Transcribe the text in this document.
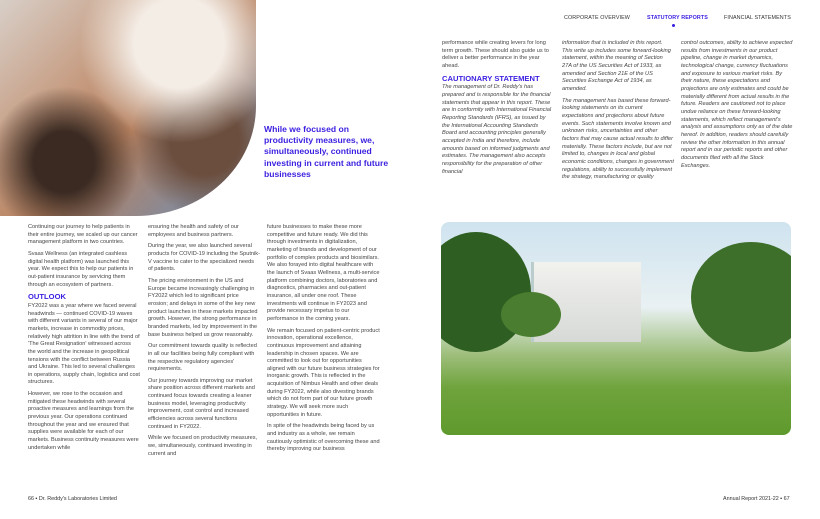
CORPORATE OVERVIEW	STATUTORY REPORTS	FINANCIAL STATEMENTS
While we focused on productivity measures, we, simultaneously, continued investing in current and future businesses

performance while creating levers for long term growth. These should also guide us to deliver a better performance in the year ahead.

CAUTIONARY STATEMENT

The management of Dr. Reddy's has prepared and is responsible for the financial statements that appear in this report. These are in conformity with International Financial Reporting Standards (IFRS), as issued by the International Accounting Standards Board and accounting principles generally accepted in India and therefore, include amounts based on informed judgments and estimates. The management also accepts responsibility for the preparation of other financial

information that is included in this report. This write up includes some forward-looking statement, within the meaning of Section 27A of the US Securities Act of 1933, as amended and Section 21E of the US Securities Exchange Act of 1934, as amended.

The management has based these forward-looking statements on its current expectations and projections about future events. Such statements involve known and unknown risks, uncertainties and other factors that may cause actual results to differ materially. These factors include, but are not limited to, changes in local and global economic conditions, changes in government regulations, ability to successfully implement the strategy, manufacturing or quality

control outcomes, ability to achieve expected results from investments in our product pipeline, change in market dynamics, technological change, currency fluctuations and exposure to various market risks. By their nature, these expectations and projections are only estimates and could be materially different from actual results in the future. Readers are cautioned not to place undue reliance on these forward-looking statements, which reflect management's analysis and assumptions only as of the date hereof. In addition, readers should carefully review the other information in this annual report and in our periodic reports and other documents filed with all the Stock Exchanges.

Continuing our journey to help patients in their entire journey, we scaled up our cancer management platform in two countries.

Svaas Wellness (an integrated cashless digital health platform) was launched this year. We expect this to help our patients in out-patient insurance by servicing them through an ecosystem of partners.

OUTLOOK

FY2022 was a year where we faced several headwinds — continued COVID-19 waves with different variants in several of our major markets, increase in commodity prices, relatively high attrition in line with the trend of 'The Great Resignation' witnessed across the world and the increase in geopolitical tensions with the conflict between Russia and Ukraine. This led to several challenges in operations, supply chain, logistics and cost structures.

However, we rose to the occasion and mitigated these headwinds with several proactive measures and learnings from the previous year. Our operations continued throughout the year and we ensured that supplies were available for each of our markets. Business continuity measures were undertaken while

ensuring the health and safety of our employees and business partners.

During the year, we also launched several products for COVID-19 including the Sputnik-V vaccine to cater to the specialized needs of patients.

The pricing environment in the US and Europe became increasingly challenging in FY2022 which led to significant price erosion; and delays in some of the key new product launches in these markets impacted growth. However, the strong performance in branded markets, led by improvement in the base business helped us grow reasonably.

Our commitment towards quality is reflected in all our facilities being fully compliant with the respective regulatory agencies' requirements.

Our journey towards improving our market share position across different markets and continued focus towards creating a leaner business model, leveraging productivity improvement, cost control and increased efficiencies across several functions continued in FY2022.

While we focused on productivity measures, we, simultaneously, continued investing in current and

future businesses to make these more competitive and future ready. We did this through investments in digitalization, marketing of brands and development of our portfolio of complex products and biosimilars. We also forayed into digital healthcare with the launch of Svaas Wellness, a multi-service platform combining doctors, laboratories and diagnostics, pharmacies and out-patient insurance, all under one roof. These investments will continue in FY2023 and provide necessary impetus to our performance in the coming years.

We remain focused on patient-centric product innovation, operational excellence, continuous improvement and attaining leadership in chosen spaces. We are committed to look out for opportunities aligned with our future business strategies for inorganic growth. This is reflected in the acquisition of Nimbus Health and other deals during FY2022, while also divesting brands which do not form part of our future growth strategy. We will seek more such opportunities in future.

In spite of the headwinds being faced by us and industry as a whole, we remain cautiously optimistic of overcoming these and thereby improving our business

66 ▪ Dr. Reddy's Laboratories Limited	Annual Report 2021-22 ▪ 67
